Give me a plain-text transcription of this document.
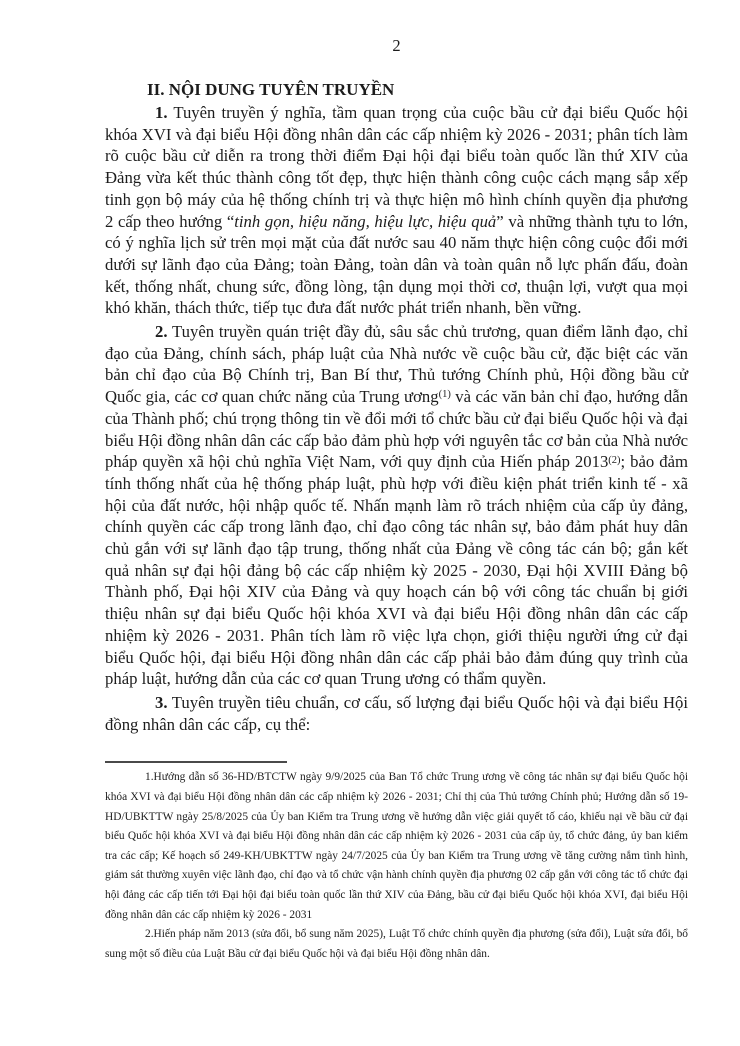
2
II. NỘI DUNG TUYÊN TRUYỀN

1. Tuyên truyền ý nghĩa, tầm quan trọng của cuộc bầu cử đại biểu Quốc hội khóa XVI và đại biểu Hội đồng nhân dân các cấp nhiệm kỳ 2026 - 2031; phân tích làm rõ cuộc bầu cử diễn ra trong thời điểm Đại hội đại biểu toàn quốc lần thứ XIV của Đảng vừa kết thúc thành công tốt đẹp, thực hiện thành công cuộc cách mạng sắp xếp tinh gọn bộ máy của hệ thống chính trị và thực hiện mô hình chính quyền địa phương 2 cấp theo hướng “tinh gọn, hiệu năng, hiệu lực, hiệu quả” và những thành tựu to lớn, có ý nghĩa lịch sử trên mọi mặt của đất nước sau 40 năm thực hiện công cuộc đổi mới dưới sự lãnh đạo của Đảng; toàn Đảng, toàn dân và toàn quân nỗ lực phấn đấu, đoàn kết, thống nhất, chung sức, đồng lòng, tận dụng mọi thời cơ, thuận lợi, vượt qua mọi khó khăn, thách thức, tiếp tục đưa đất nước phát triển nhanh, bền vững.

2. Tuyên truyền quán triệt đầy đủ, sâu sắc chủ trương, quan điểm lãnh đạo, chỉ đạo của Đảng, chính sách, pháp luật của Nhà nước về cuộc bầu cử, đặc biệt các văn bản chỉ đạo của Bộ Chính trị, Ban Bí thư, Thủ tướng Chính phủ, Hội đồng bầu cử Quốc gia, các cơ quan chức năng của Trung ương$^{(1)}$ và các văn bản chỉ đạo, hướng dẫn của Thành phố; chú trọng thông tin về đổi mới tổ chức bầu cử đại biểu Quốc hội và đại biểu Hội đồng nhân dân các cấp bảo đảm phù hợp với nguyên tắc cơ bản của Nhà nước pháp quyền xã hội chủ nghĩa Việt Nam, với quy định của Hiến pháp 2013$^{(2)}$; bảo đảm tính thống nhất của hệ thống pháp luật, phù hợp với điều kiện phát triển kinh tế - xã hội của đất nước, hội nhập quốc tế. Nhấn mạnh làm rõ trách nhiệm của cấp ủy đảng, chính quyền các cấp trong lãnh đạo, chỉ đạo công tác nhân sự, bảo đảm phát huy dân chủ gắn với sự lãnh đạo tập trung, thống nhất của Đảng về công tác cán bộ; gắn kết quả nhân sự đại hội đảng bộ các cấp nhiệm kỳ 2025 - 2030, Đại hội XVIII Đảng bộ Thành phố, Đại hội XIV của Đảng và quy hoạch cán bộ với công tác chuẩn bị giới thiệu nhân sự đại biểu Quốc hội khóa XVI và đại biểu Hội đồng nhân dân các cấp nhiệm kỳ 2026 - 2031. Phân tích làm rõ việc lựa chọn, giới thiệu người ứng cử đại biểu Quốc hội, đại biểu Hội đồng nhân dân các cấp phải bảo đảm đúng quy trình của pháp luật, hướng dẫn của các cơ quan Trung ương có thẩm quyền.

3. Tuyên truyền tiêu chuẩn, cơ cấu, số lượng đại biểu Quốc hội và đại biểu Hội đồng nhân dân các cấp, cụ thể:

1.Hướng dẫn số 36-HD/BTCTW ngày 9/9/2025 của Ban Tổ chức Trung ương về công tác nhân sự đại biểu Quốc hội khóa XVI và đại biểu Hội đồng nhân dân các cấp nhiệm kỳ 2026 - 2031; Chỉ thị của Thủ tướng Chính phủ; Hướng dẫn số 19-HD/UBKTTW ngày 25/8/2025 của Ủy ban Kiểm tra Trung ương về hướng dẫn việc giải quyết tố cáo, khiếu nại về bầu cử đại biểu Quốc hội khóa XVI và đại biểu Hội đồng nhân dân các cấp nhiệm kỳ 2026 - 2031 của cấp ủy, tổ chức đảng, ủy ban kiểm tra các cấp; Kế hoạch số 249-KH/UBKTTW ngày 24/7/2025 của Ủy ban Kiểm tra Trung ương về tăng cường nắm tình hình, giám sát thường xuyên việc lãnh đạo, chỉ đạo và tổ chức vận hành chính quyền địa phương 02 cấp gắn với công tác tổ chức đại hội đảng các cấp tiến tới Đại hội đại biểu toàn quốc lần thứ XIV của Đảng, bầu cử đại biểu Quốc hội khóa XVI, đại biểu Hội đồng nhân dân các cấp nhiệm kỳ 2026 - 2031

2.Hiến pháp năm 2013 (sửa đổi, bổ sung năm 2025), Luật Tổ chức chính quyền địa phương (sửa đổi), Luật sửa đổi, bổ sung một số điều của Luật Bầu cử đại biểu Quốc hội và đại biểu Hội đồng nhân dân.
